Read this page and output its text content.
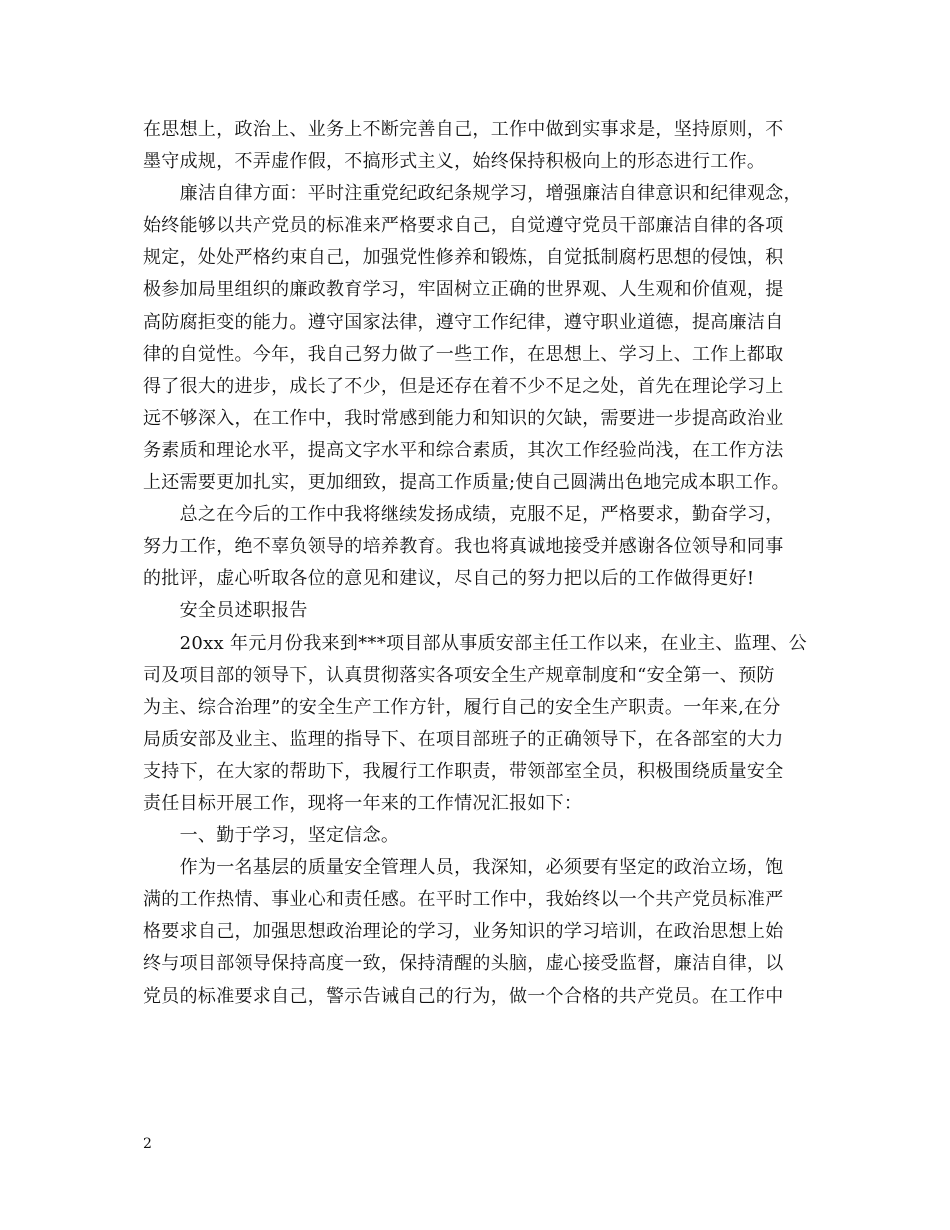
在思想上，政治上、业务上不断完善自己，工作中做到实事求是，坚持原则，不
墨守成规，不弄虚作假，不搞形式主义，始终保持积极向上的形态进行工作。
　　廉洁自律方面：平时注重党纪政纪条规学习，增强廉洁自律意识和纪律观念，
始终能够以共产党员的标准来严格要求自己，自觉遵守党员干部廉洁自律的各项
规定，处处严格约束自己，加强党性修养和锻炼，自觉抵制腐朽思想的侵蚀，积
极参加局里组织的廉政教育学习，牢固树立正确的世界观、人生观和价值观，提
高防腐拒变的能力。遵守国家法律，遵守工作纪律，遵守职业道德，提高廉洁自
律的自觉性。今年，我自己努力做了一些工作，在思想上、学习上、工作上都取
得了很大的进步，成长了不少，但是还存在着不少不足之处，首先在理论学习上
远不够深入，在工作中，我时常感到能力和知识的欠缺，需要进一步提高政治业
务素质和理论水平，提高文字水平和综合素质，其次工作经验尚浅，在工作方法
上还需要更加扎实，更加细致，提高工作质量;使自己圆满出色地完成本职工作。
　　总之在今后的工作中我将继续发扬成绩，克服不足，严格要求，勤奋学习，
努力工作，绝不辜负领导的培养教育。我也将真诚地接受并感谢各位领导和同事
的批评，虚心听取各位的意见和建议，尽自己的努力把以后的工作做得更好!
　　安全员述职报告
　　20xx 年元月份我来到***项目部从事质安部主任工作以来，在业主、监理、公
司及项目部的领导下，认真贯彻落实各项安全生产规章制度和“安全第一、预防
为主、综合治理”的安全生产工作方针，履行自己的安全生产职责。一年来,在分
局质安部及业主、监理的指导下、在项目部班子的正确领导下，在各部室的大力
支持下，在大家的帮助下，我履行工作职责，带领部室全员，积极围绕质量安全
责任目标开展工作，现将一年来的工作情况汇报如下：
　　一、勤于学习，坚定信念。
　　作为一名基层的质量安全管理人员，我深知，必须要有坚定的政治立场，饱
满的工作热情、事业心和责任感。在平时工作中，我始终以一个共产党员标准严
格要求自己，加强思想政治理论的学习，业务知识的学习培训，在政治思想上始
终与项目部领导保持高度一致，保持清醒的头脑，虚心接受监督，廉洁自律，以
党员的标准要求自己，警示告诫自己的行为，做一个合格的共产党员。在工作中
2
